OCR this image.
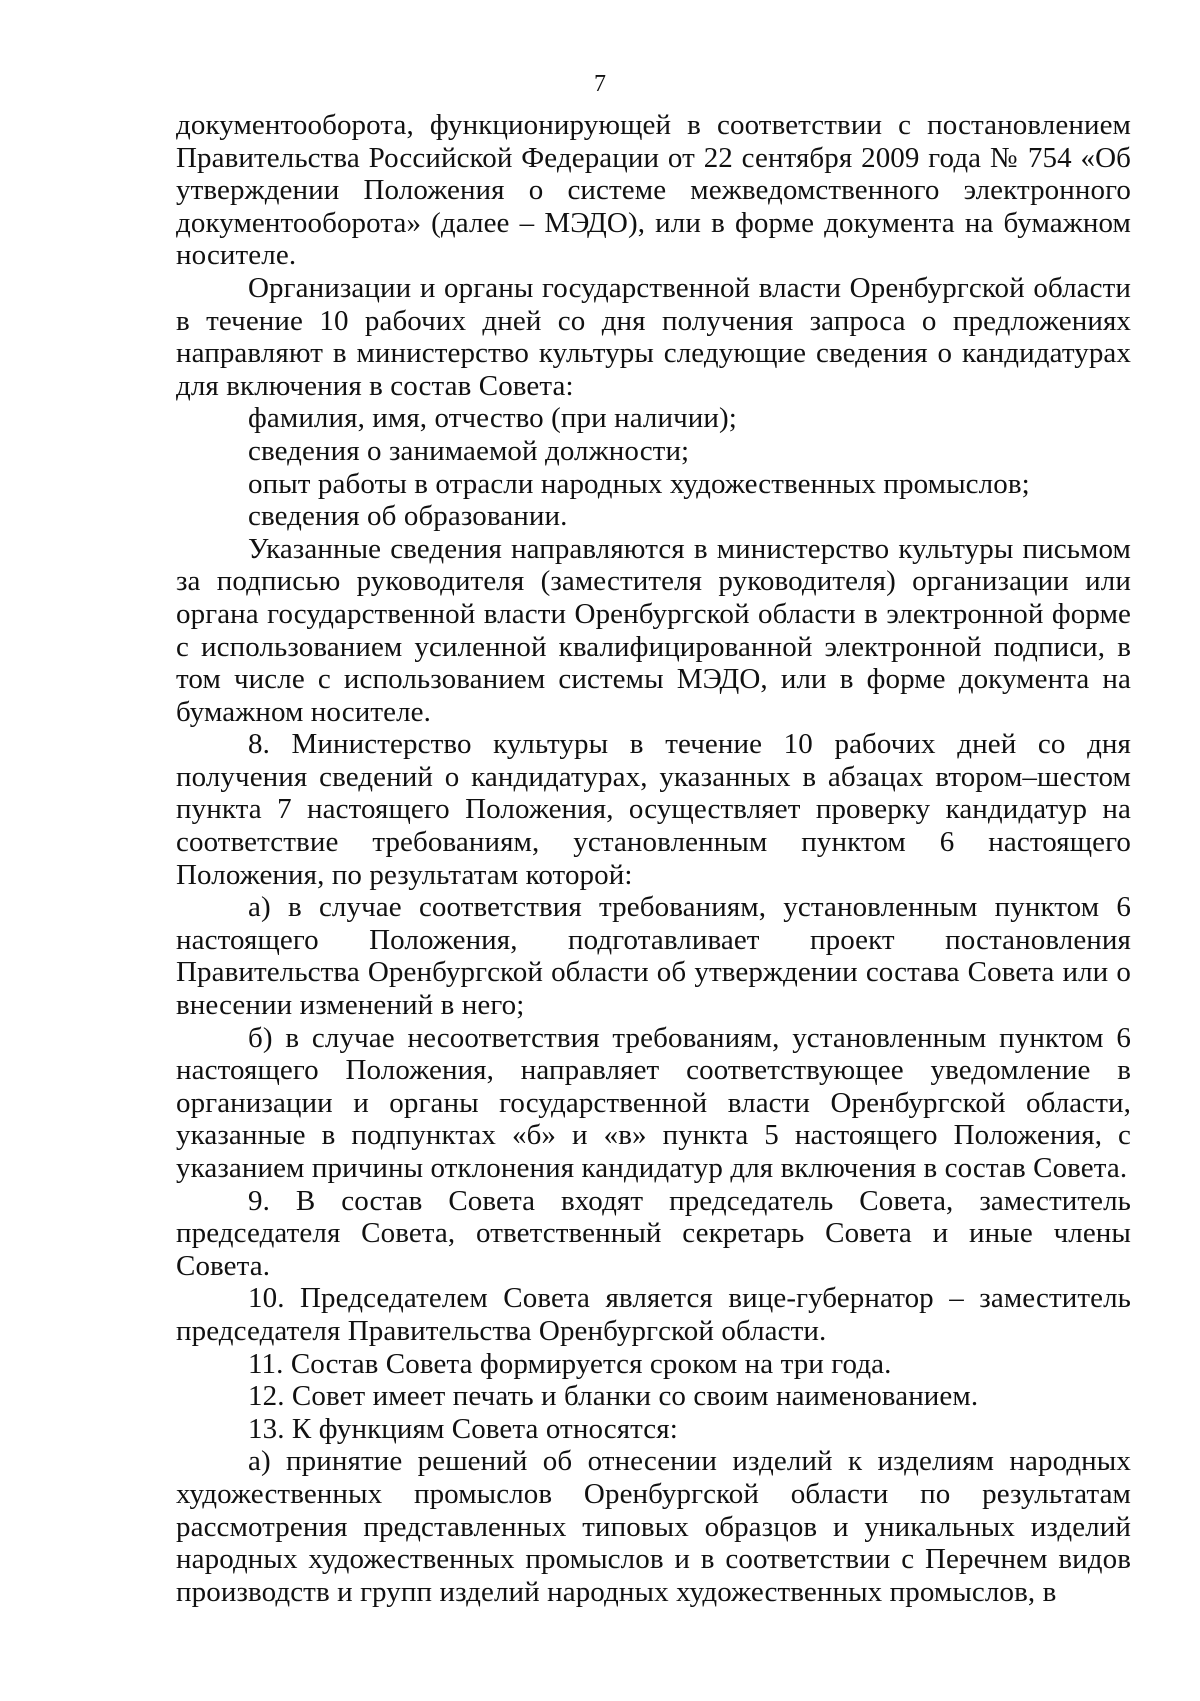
7

документооборота, функционирующей в соответствии с постановлением Правительства Российской Федерации от 22 сентября 2009 года № 754 «Об утверждении Положения о системе межведомственного электронного документооборота» (далее – МЭДО), или в форме документа на бумажном носителе.

Организации и органы государственной власти Оренбургской области в течение 10 рабочих дней со дня получения запроса о предложениях направляют в министерство культуры следующие сведения о кандидатурах для включения в состав Совета:

фамилия, имя, отчество (при наличии);

сведения о занимаемой должности;

опыт работы в отрасли народных художественных промыслов;

сведения об образовании.

Указанные сведения направляются в министерство культуры письмом за подписью руководителя (заместителя руководителя) организации или органа государственной власти Оренбургской области в электронной форме с использованием усиленной квалифицированной электронной подписи, в том числе с использованием системы МЭДО, или в форме документа на бумажном носителе.

8. Министерство культуры в течение 10 рабочих дней со дня получения сведений о кандидатурах, указанных в абзацах втором–шестом пункта 7 настоящего Положения, осуществляет проверку кандидатур на соответствие требованиям, установленным пунктом 6 настоящего Положения, по результатам которой:

а) в случае соответствия требованиям, установленным пунктом 6 настоящего Положения, подготавливает проект постановления Правительства Оренбургской области об утверждении состава Совета или о внесении изменений в него;

б) в случае несоответствия требованиям, установленным пунктом 6 настоящего Положения, направляет соответствующее уведомление в организации и органы государственной власти Оренбургской области, указанные в подпунктах «б» и «в» пункта 5 настоящего Положения, с указанием причины отклонения кандидатур для включения в состав Совета.

9. В состав Совета входят председатель Совета, заместитель председателя Совета, ответственный секретарь Совета и иные члены Совета.

10. Председателем Совета является вице-губернатор – заместитель председателя Правительства Оренбургской области.

11. Состав Совета формируется сроком на три года.

12. Совет имеет печать и бланки со своим наименованием.

13. К функциям Совета относятся:

а) принятие решений об отнесении изделий к изделиям народных художественных промыслов Оренбургской области по результатам рассмотрения представленных типовых образцов и уникальных изделий народных художественных промыслов и в соответствии с Перечнем видов производств и групп изделий народных художественных промыслов, в
